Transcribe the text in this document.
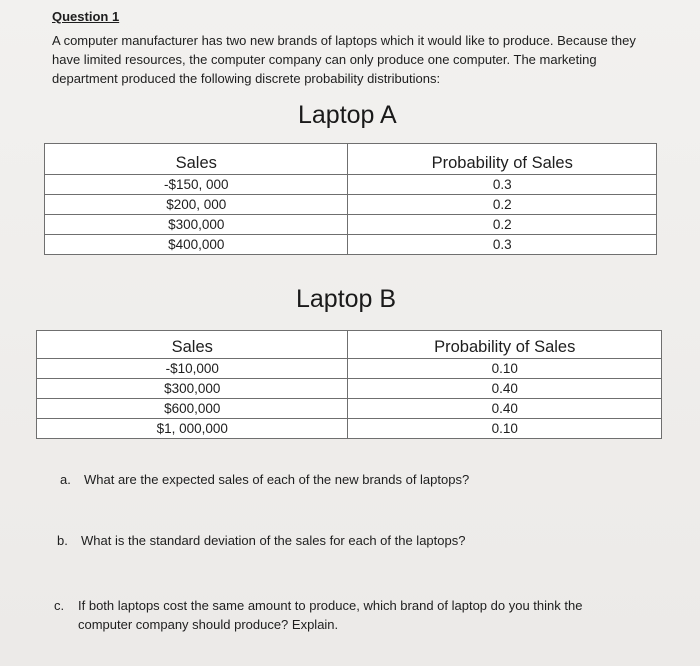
Question 1
A computer manufacturer has two new brands of laptops which it would like to produce. Because they
have limited resources, the computer company can only produce one computer. The marketing
department produced the following discrete probability distributions:
Laptop A
Sales	Probability of Sales
-$150, 000	0.3
$200, 000	0.2
$300,000	0.2
$400,000	0.3
Laptop B
Sales	Probability of Sales
-$10,000	0.10
$300,000	0.40
$600,000	0.40
$1, 000,000	0.10
a. What are the expected sales of each of the new brands of laptops?
b. What is the standard deviation of the sales for each of the laptops?
c. If both laptops cost the same amount to produce, which brand of laptop do you think the
computer company should produce? Explain.
